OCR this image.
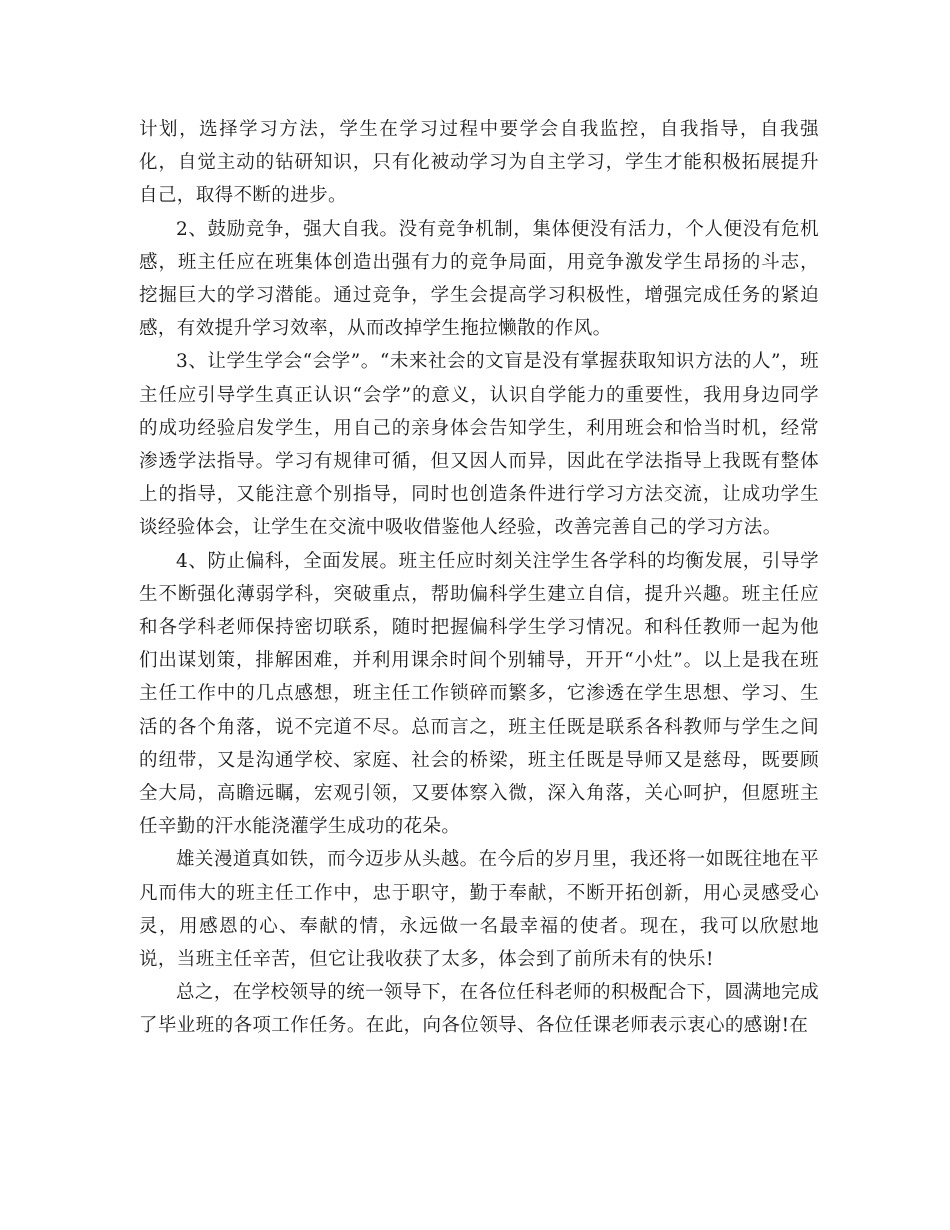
计划，选择学习方法，学生在学习过程中要学会自我监控，自我指导，自我强化，自觉主动的钻研知识，只有化被动学习为自主学习，学生才能积极拓展提升自己，取得不断的进步。

2、鼓励竞争，强大自我。没有竞争机制，集体便没有活力，个人便没有危机感，班主任应在班集体创造出强有力的竞争局面，用竞争激发学生昂扬的斗志，挖掘巨大的学习潜能。通过竞争，学生会提高学习积极性，增强完成任务的紧迫感，有效提升学习效率，从而改掉学生拖拉懒散的作风。

3、让学生学会“会学”。“未来社会的文盲是没有掌握获取知识方法的人”，班主任应引导学生真正认识“会学”的意义，认识自学能力的重要性，我用身边同学的成功经验启发学生，用自己的亲身体会告知学生，利用班会和恰当时机，经常渗透学法指导。学习有规律可循，但又因人而异，因此在学法指导上我既有整体上的指导，又能注意个别指导，同时也创造条件进行学习方法交流，让成功学生谈经验体会，让学生在交流中吸收借鉴他人经验，改善完善自己的学习方法。

4、防止偏科，全面发展。班主任应时刻关注学生各学科的均衡发展，引导学生不断强化薄弱学科，突破重点，帮助偏科学生建立自信，提升兴趣。班主任应和各学科老师保持密切联系，随时把握偏科学生学习情况。和科任教师一起为他们出谋划策，排解困难，并利用课余时间个别辅导，开开“小灶”。以上是我在班主任工作中的几点感想，班主任工作锁碎而繁多，它渗透在学生思想、学习、生活的各个角落，说不完道不尽。总而言之，班主任既是联系各科教师与学生之间的纽带，又是沟通学校、家庭、社会的桥梁，班主任既是导师又是慈母，既要顾全大局，高瞻远瞩，宏观引领，又要体察入微，深入角落，关心呵护，但愿班主任辛勤的汗水能浇灌学生成功的花朵。

雄关漫道真如铁，而今迈步从头越。在今后的岁月里，我还将一如既往地在平凡而伟大的班主任工作中，忠于职守，勤于奉献，不断开拓创新，用心灵感受心灵，用感恩的心、奉献的情，永远做一名最幸福的使者。现在，我可以欣慰地说，当班主任辛苦，但它让我收获了太多，体会到了前所未有的快乐!

总之，在学校领导的统一领导下，在各位任科老师的积极配合下，圆满地完成了毕业班的各项工作任务。在此，向各位领导、各位任课老师表示衷心的感谢!在
